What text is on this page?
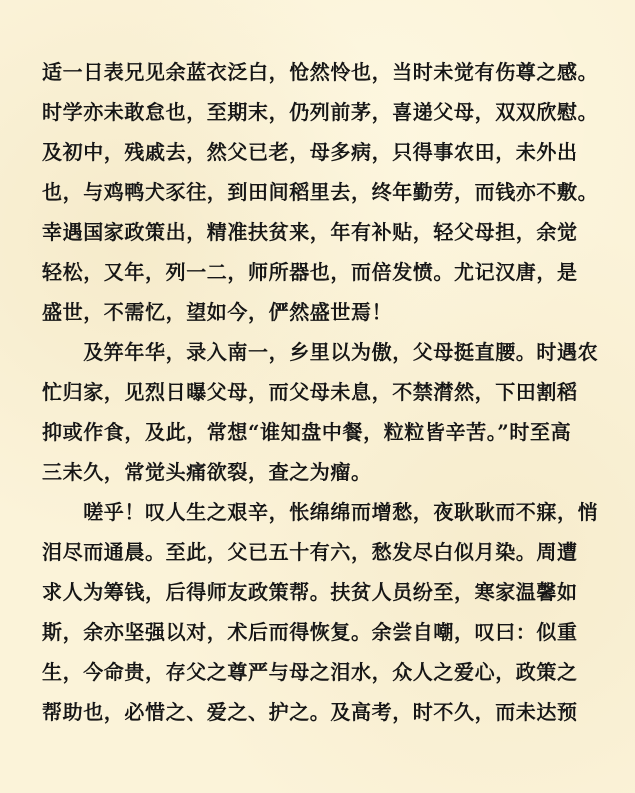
适一日表兄见余蓝衣泛白，怆然怜也，当时未觉有伤尊之感。
时学亦未敢怠也，至期末，仍列前茅，喜递父母，双双欣慰。
及初中，残戚去，然父已老，母多病，只得事农田，未外出
也，与鸡鸭犬豕往，到田间稻里去，终年勤劳，而钱亦不敷。
幸遇国家政策出，精准扶贫来，年有补贴，轻父母担，余觉
轻松，又年，列一二，师所器也，而倍发愤。尤记汉唐，是
盛世，不需忆，望如今，俨然盛世焉！
　　及笄年华，录入南一，乡里以为傲，父母挺直腰。时遇农
忙归家，见烈日曝父母，而父母未息，不禁潸然，下田割稻
抑或作食，及此，常想“谁知盘中餐，粒粒皆辛苦。”时至高
三未久，常觉头痛欲裂，查之为瘤。
　　嗟乎！叹人生之艰辛，怅绵绵而增愁，夜耿耿而不寐，悄
泪尽而通晨。至此，父已五十有六，愁发尽白似月染。周遭
求人为筹钱，后得师友政策帮。扶贫人员纷至，寒家温馨如
斯，余亦坚强以对，术后而得恢复。余尝自嘲，叹曰：似重
生，今命贵，存父之尊严与母之泪水，众人之爱心，政策之
帮助也，必惜之、爱之、护之。及高考，时不久，而未达预
